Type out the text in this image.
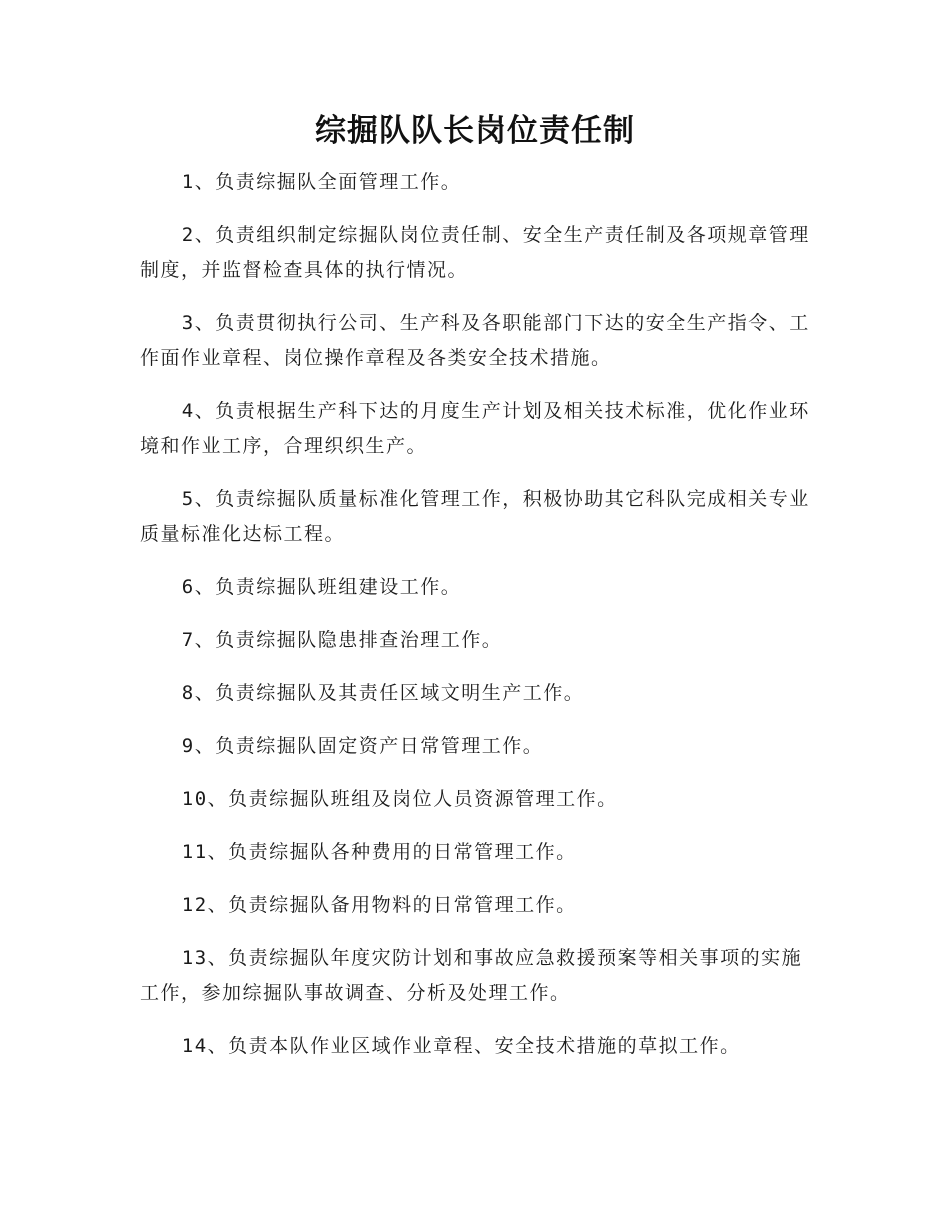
综掘队队长岗位责任制

1、负责综掘队全面管理工作。

2、负责组织制定综掘队岗位责任制、安全生产责任制及各项规章管理制度，并监督检查具体的执行情况。

3、负责贯彻执行公司、生产科及各职能部门下达的安全生产指令、工作面作业章程、岗位操作章程及各类安全技术措施。

4、负责根据生产科下达的月度生产计划及相关技术标准，优化作业环境和作业工序，合理织织生产。

5、负责综掘队质量标准化管理工作，积极协助其它科队完成相关专业质量标准化达标工程。

6、负责综掘队班组建设工作。

7、负责综掘队隐患排查治理工作。

8、负责综掘队及其责任区域文明生产工作。

9、负责综掘队固定资产日常管理工作。

10、负责综掘队班组及岗位人员资源管理工作。

11、负责综掘队各种费用的日常管理工作。

12、负责综掘队备用物料的日常管理工作。

13、负责综掘队年度灾防计划和事故应急救援预案等相关事项的实施工作，参加综掘队事故调查、分析及处理工作。

14、负责本队作业区域作业章程、安全技术措施的草拟工作。
